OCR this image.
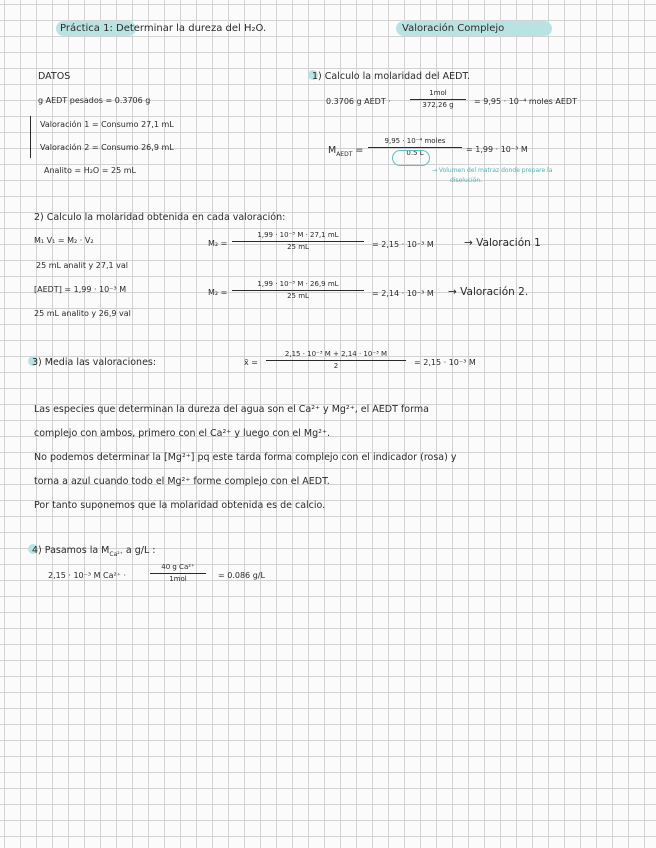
Práctica 1: Determinar la dureza del H₂O.	Valoración Complejo
DATOS
g AEDT pesados = 0.3706 g
Valoración 1 = Consumo 27,1 mL
Valoración 2 = Consumo 26,9 mL
Analito = H₂O = 25 mL
1) Calculo la molaridad del AEDT.
0.3706 g AEDT ·
1mol
372,26 g	= 9,95 · 10⁻⁴ moles AEDT
$M_{AEDT}$ =
9,95 · 10⁻⁴ moles
0.5 L	= 1,99 · 10⁻³ M
→ Volumen del matraz donde prepare la
disolución.
2) Calculo la molaridad obtenida en cada valoración:
M₁ V₁ = M₂ · V₂
25 mL analit y 27,1 val
[AEDT] = 1,99 · 10⁻³ M
25 mL analito y 26,9 val
M₂ =
1,99 · 10⁻³ M · 27,1 mL
25 mL	= 2,15 · 10⁻³ M	→ Valoración 1
M₂ =
1,99 · 10⁻³ M · 26,9 mL
25 mL	= 2,14 · 10⁻³ M → Valoración 2.
3) Media las valoraciones:	x̄ =
2,15 · 10⁻³ M + 2,14 · 10⁻³ M
2	= 2,15 · 10⁻³ M
Las especies que determinan la dureza del agua son el Ca²⁺ y Mg²⁺, el AEDT forma
complejo con ambos, primero con el Ca²⁺ y luego con el Mg²⁺.
No podemos determinar la [Mg²⁺] pq este tarda forma complejo con el indicador (rosa) y
torna a azul cuando todo el Mg²⁺ forme complejo con el AEDT.
Por tanto suponemos que la molaridad obtenida es de calcio.
4) Pasamos la $M_{Ca^{2+}}$ a g/L :
2,15 · 10⁻³ M Ca²⁺ ·
40 g Ca²⁺
1mol	= 0.086 g/L
